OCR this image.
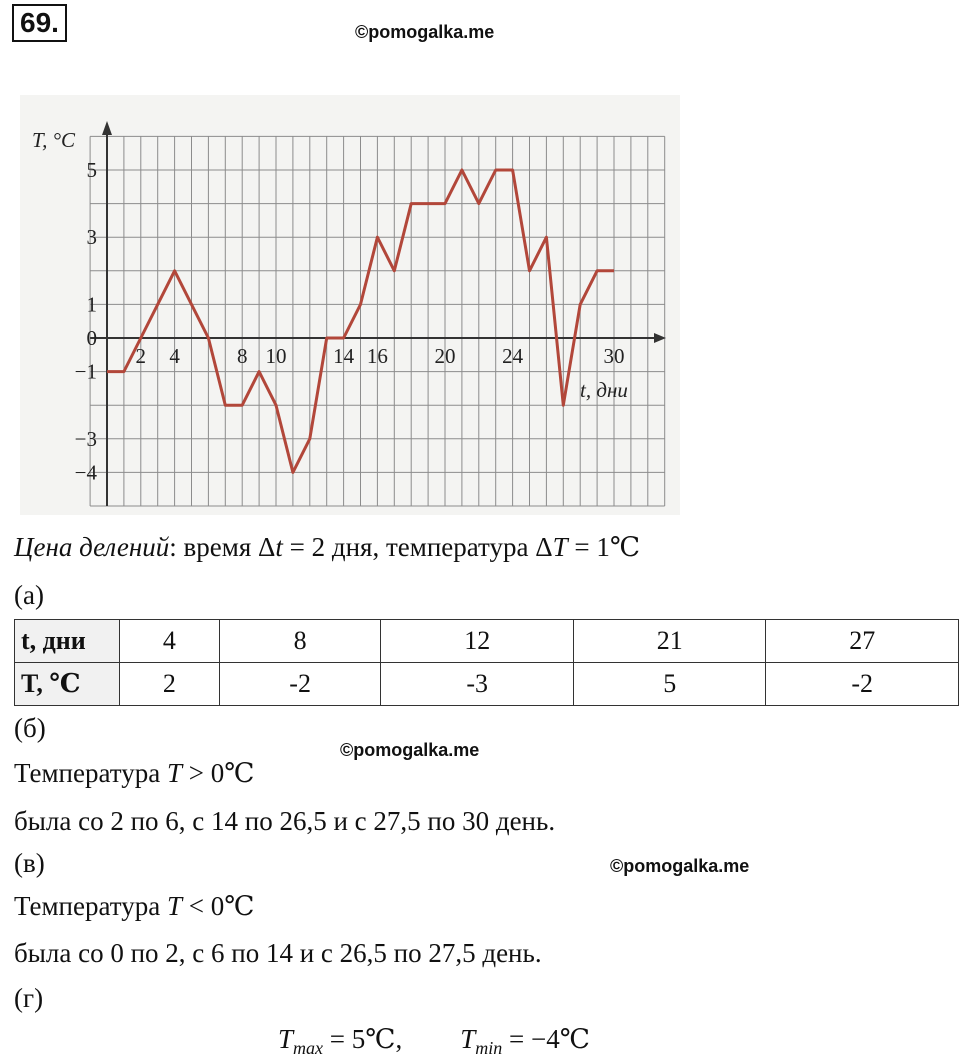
69.	©pomogalka.me
2 4	8 10 14 16 20 24	30
5
3
1
0
−1
−3
−4
T, °C
t, дни
Цена делений: время Δt = 2 дня, температура ΔT = 1℃
(а)
t, дни	4	8	12	21	27
T, ℃	2	-2	-3	5	-2
(б)
©pomogalka.me
Температура T > 0℃
была со 2 по 6, с 14 по 26,5 и с 27,5 по 30 день.
(в)	©pomogalka.me
Температура T < 0℃
была со 0 по 2, с 6 по 14 и с 26,5 по 27,5 день.
(г)
$T_{max}$ = 5℃, $T_{min}$ = −4℃
